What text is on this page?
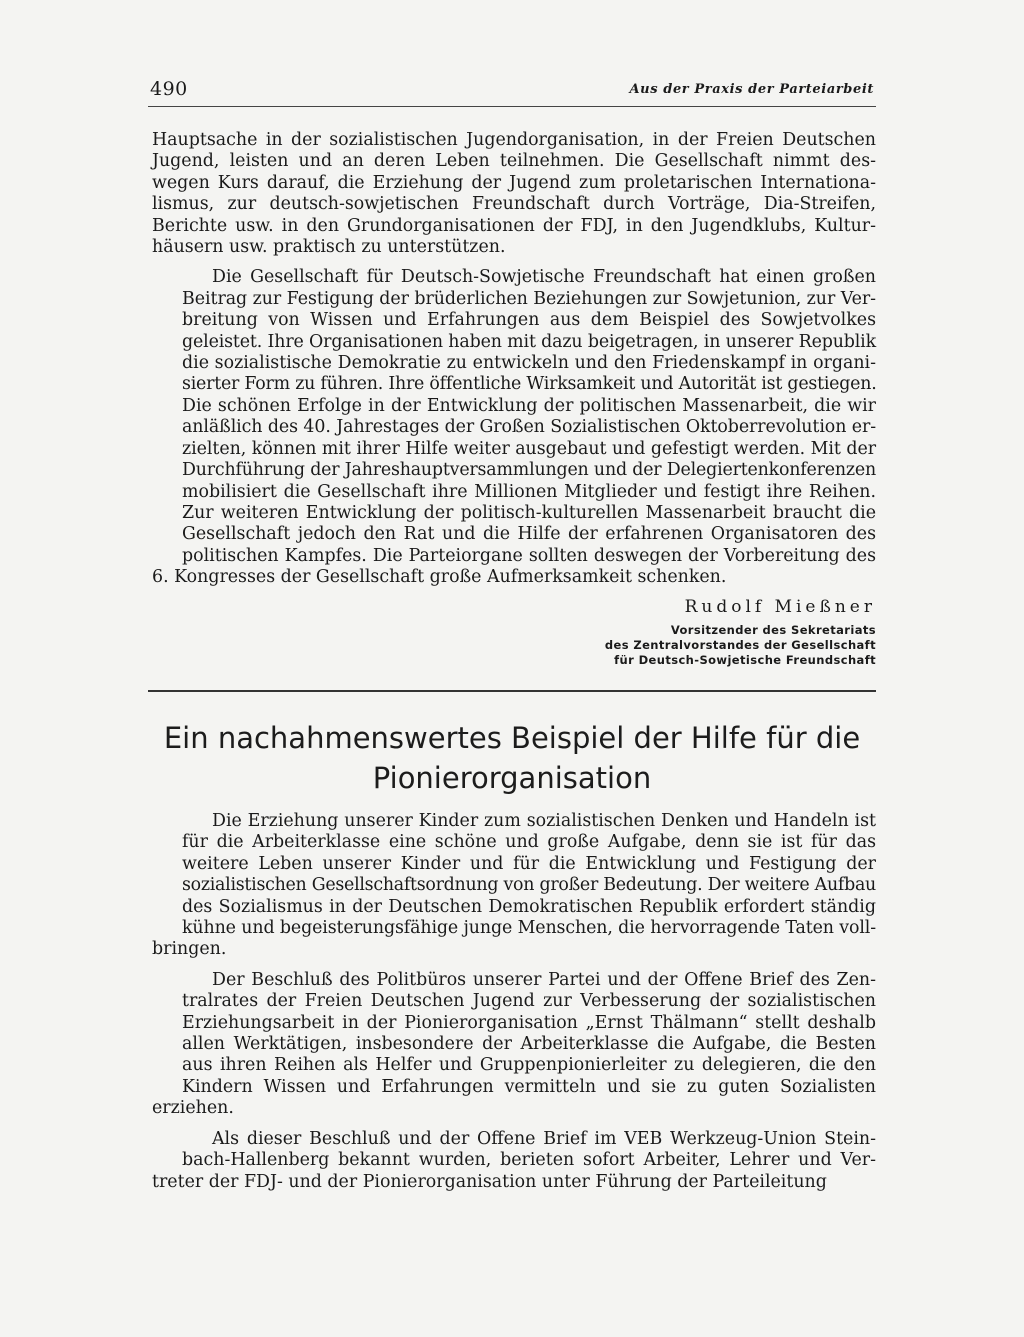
490	Aus der Praxis der Parteiarbeit

Hauptsache in der sozialistischen Jugendorganisation, in der Freien Deutschen
Jugend, leisten und an deren Leben teilnehmen. Die Gesellschaft nimmt des-
wegen Kurs darauf, die Erziehung der Jugend zum proletarischen Internationa-
lismus, zur deutsch-sowjetischen Freundschaft durch Vorträge, Dia-Streifen,
Berichte usw. in den Grundorganisationen der FDJ, in den Jugendklubs, Kultur-
häusern usw. praktisch zu unterstützen.

Die Gesellschaft für Deutsch-Sowjetische Freundschaft hat einen großen
Beitrag zur Festigung der brüderlichen Beziehungen zur Sowjetunion, zur Ver-
breitung von Wissen und Erfahrungen aus dem Beispiel des Sowjetvolkes
geleistet. Ihre Organisationen haben mit dazu beigetragen, in unserer Republik
die sozialistische Demokratie zu entwickeln und den Friedenskampf in organi-
sierter Form zu führen. Ihre öffentliche Wirksamkeit und Autorität ist gestiegen.
Die schönen Erfolge in der Entwicklung der politischen Massenarbeit, die wir
anläßlich des 40. Jahrestages der Großen Sozialistischen Oktoberrevolution er-
zielten, können mit ihrer Hilfe weiter ausgebaut und gefestigt werden. Mit der
Durchführung der Jahreshauptversammlungen und der Delegiertenkonferenzen
mobilisiert die Gesellschaft ihre Millionen Mitglieder und festigt ihre Reihen.
Zur weiteren Entwicklung der politisch-kulturellen Massenarbeit braucht die
Gesellschaft jedoch den Rat und die Hilfe der erfahrenen Organisatoren des
politischen Kampfes. Die Parteiorgane sollten deswegen der Vorbereitung des
6. Kongresses der Gesellschaft große Aufmerksamkeit schenken.

Rudolf Mießner
Vorsitzender des Sekretariats
des Zentralvorstandes der Gesellschaft
für Deutsch-Sowjetische Freundschaft
Ein nachahmenswertes Beispiel der Hilfe für die
Pionierorganisation

Die Erziehung unserer Kinder zum sozialistischen Denken und Handeln ist
für die Arbeiterklasse eine schöne und große Aufgabe, denn sie ist für das
weitere Leben unserer Kinder und für die Entwicklung und Festigung der
sozialistischen Gesellschaftsordnung von großer Bedeutung. Der weitere Aufbau
des Sozialismus in der Deutschen Demokratischen Republik erfordert ständig
kühne und begeisterungsfähige junge Menschen, die hervorragende Taten voll-
bringen.

Der Beschluß des Politbüros unserer Partei und der Offene Brief des Zen-
tralrates der Freien Deutschen Jugend zur Verbesserung der sozialistischen
Erziehungsarbeit in der Pionierorganisation „Ernst Thälmann“ stellt deshalb
allen Werktätigen, insbesondere der Arbeiterklasse die Aufgabe, die Besten
aus ihren Reihen als Helfer und Gruppenpionierleiter zu delegieren, die den
Kindern Wissen und Erfahrungen vermitteln und sie zu guten Sozialisten
erziehen.

Als dieser Beschluß und der Offene Brief im VEB Werkzeug-Union Stein-
bach-Hallenberg bekannt wurden, berieten sofort Arbeiter, Lehrer und Ver-
treter der FDJ- und der Pionierorganisation unter Führung der Parteileitung
